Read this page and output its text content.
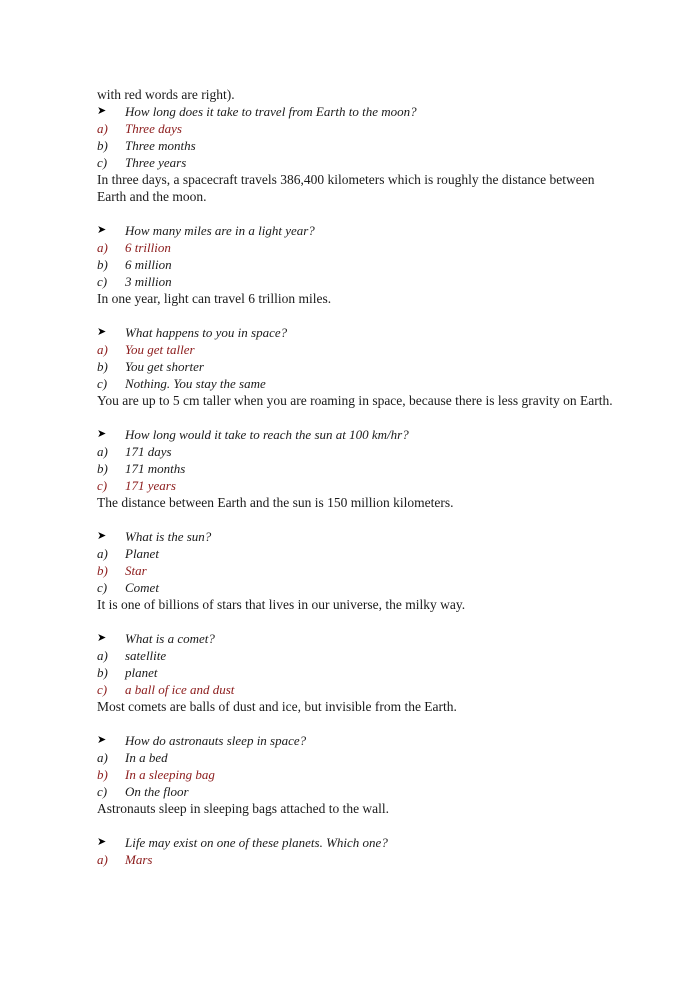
with red words are right).
➤	How long does it take to travel from Earth to the moon?
a)	Three days
b)	Three months
c)	Three years
In three days, a spacecraft travels 386,400 kilometers which is roughly the distance between Earth and the moon.
➤	How many miles are in a light year?
a)	6 trillion
b)	6 million
c)	3 million
In one year, light can travel 6 trillion miles.
➤	What happens to you in space?
a)	You get taller
b)	You get shorter
c)	Nothing. You stay the same
You are up to 5 cm taller when you are roaming in space, because there is less gravity on Earth.
➤	How long would it take to reach the sun at 100 km/hr?
a)	171 days
b)	171 months
c)	171 years
The distance between Earth and the sun is 150 million kilometers.
➤	What is the sun?
a)	Planet
b)	Star
c)	Comet
It is one of billions of stars that lives in our universe, the milky way.
➤	What is a comet?
a)	satellite
b)	planet
c)	a ball of ice and dust
Most comets are balls of dust and ice, but invisible from the Earth.
➤	How do astronauts sleep in space?
a)	In a bed
b)	In a sleeping bag
c)	On the floor
Astronauts sleep in sleeping bags attached to the wall.
➤	Life may exist on one of these planets. Which one?
a)	Mars
